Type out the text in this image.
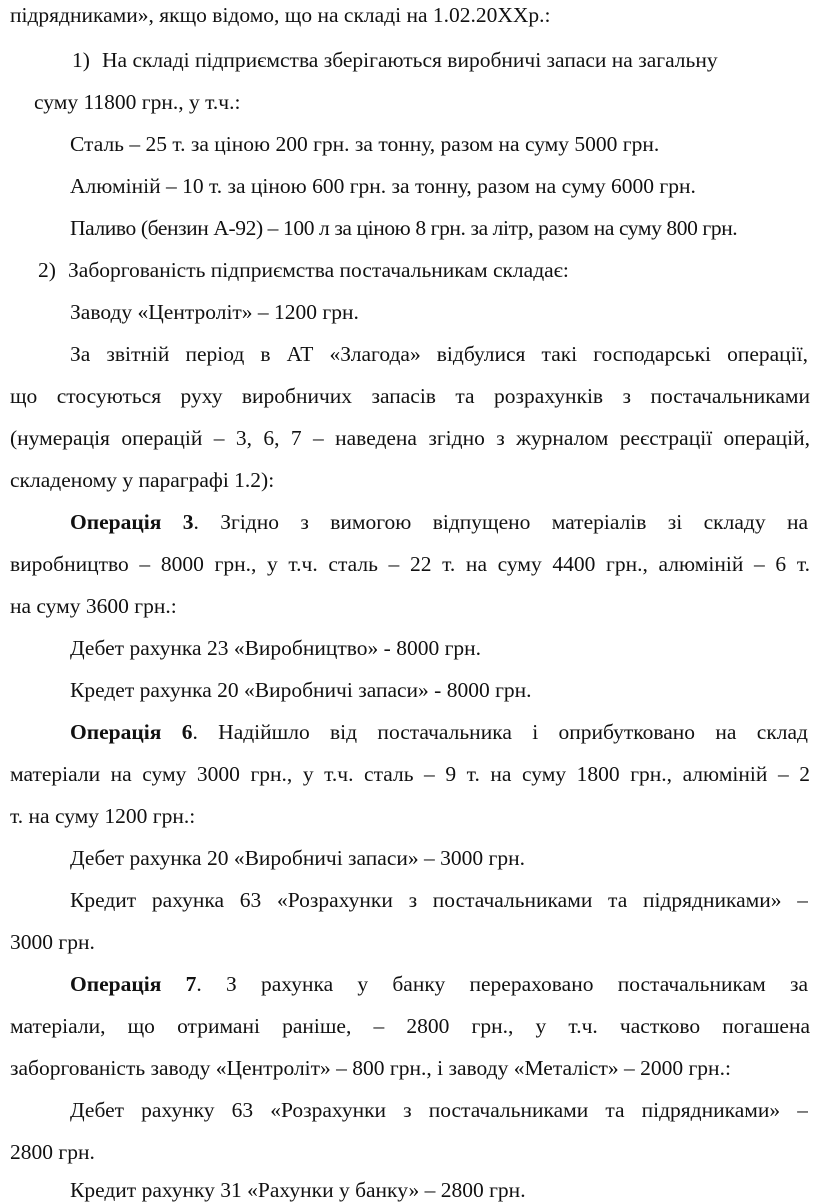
підрядниками», якщо відомо, що на складі на 1.02.20XXр.:
1) На складі підприємства зберігаються виробничі запаси на загальну
суму 11800 грн., у т.ч.:
Сталь – 25 т. за ціною 200 грн. за тонну, разом на суму 5000 грн.
Алюміній – 10 т. за ціною 600 грн. за тонну, разом на суму 6000 грн.
Паливо (бензин А-92) – 100 л за ціною 8 грн. за літр, разом на суму 800 грн.
2) Заборгованість підприємства постачальникам складає:
Заводу «Центроліт» – 1200 грн.
За звітній період в АТ «Злагода» відбулися такі господарські операції,
що стосуються руху виробничих запасів та розрахунків з постачальниками
(нумерація операцій – 3, 6, 7 – наведена згідно з журналом реєстрації операцій,
складеному у параграфі 1.2):
Операція 3. Згідно з вимогою відпущено матеріалів зі складу на
виробництво – 8000 грн., у т.ч. сталь – 22 т. на суму 4400 грн., алюміній – 6 т.
на суму 3600 грн.:
Дебет рахунка 23 «Виробництво» - 8000 грн.
Кредет рахунка 20 «Виробничі запаси» - 8000 грн.
Операція 6. Надійшло від постачальника і оприбутковано на склад
матеріали на суму 3000 грн., у т.ч. сталь – 9 т. на суму 1800 грн., алюміній – 2
т. на суму 1200 грн.:
Дебет рахунка 20 «Виробничі запаси» – 3000 грн.
Кредит рахунка 63 «Розрахунки з постачальниками та підрядниками» –
3000 грн.
Операція 7. З рахунка у банку перераховано постачальникам за
матеріали, що отримані раніше, – 2800 грн., у т.ч. частково погашена
заборгованість заводу «Центроліт» – 800 грн., і заводу «Металіст» – 2000 грн.:
Дебет рахунку 63 «Розрахунки з постачальниками та підрядниками» –
2800 грн.
Кредит рахунку 31 «Рахунки у банку» – 2800 грн.
